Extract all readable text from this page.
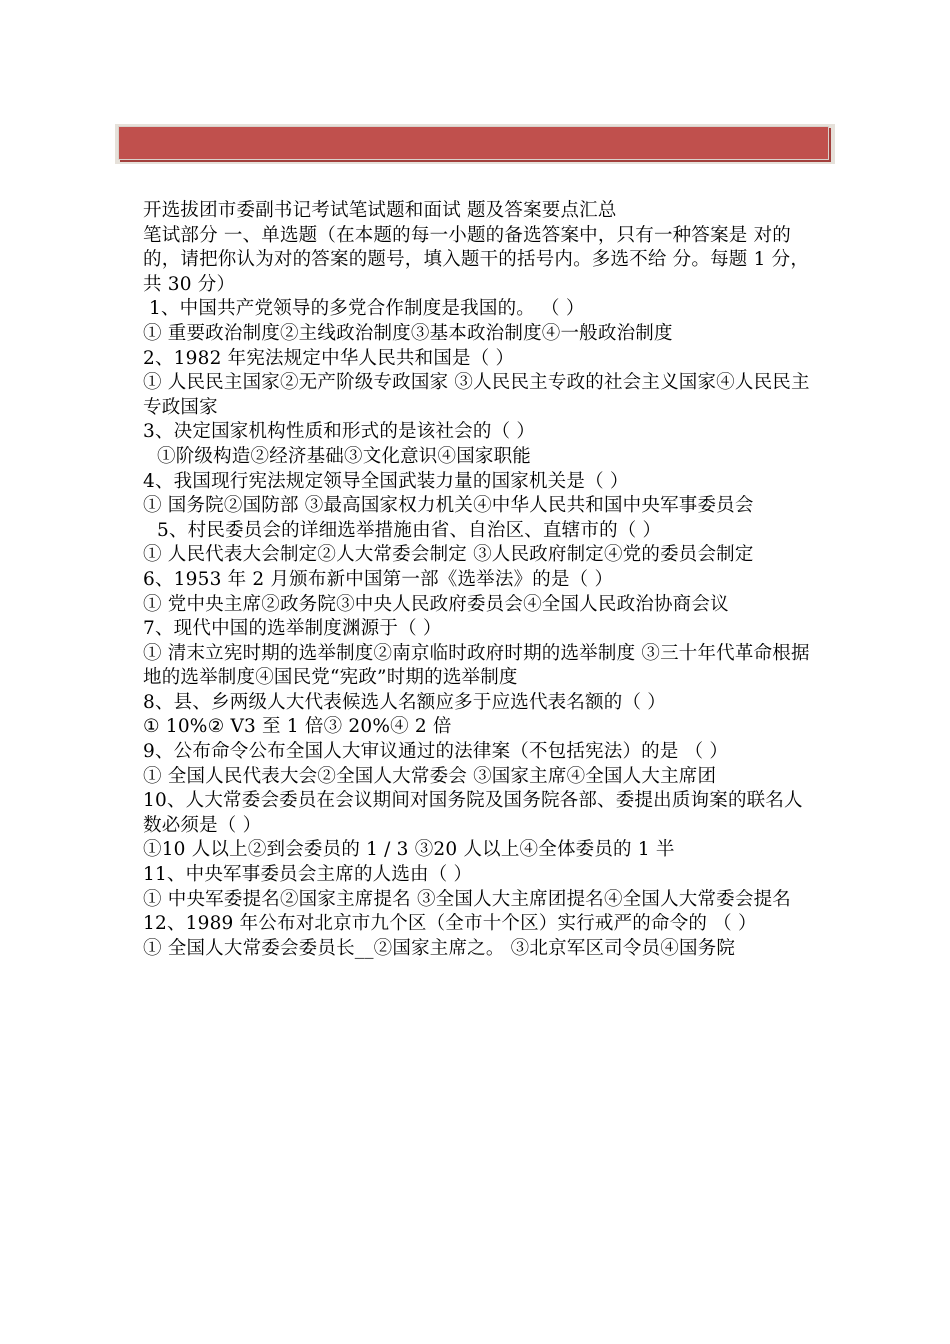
开选拔团市委副书记考试笔试题和面试 题及答案要点汇总

笔试部分 一、单选题（在本题的每一小题的备选答案中，只有一种答案是 对的的，请把你认为对的答案的题号，填入题干的括号内。多选不给 分。每题 1 分，共 30 分）

1、中国共产党领导的多党合作制度是我国的。 （ ）

① 重要政治制度②主线政治制度③基本政治制度④一般政治制度

2、1982 年宪法规定中华人民共和国是（ ）

① 人民民主国家②无产阶级专政国家 ③人民民主专政的社会主义国家④人民民主专政国家

3、决定国家机构性质和形式的是该社会的（ ）

①阶级构造②经济基础③文化意识④国家职能

4、我国现行宪法规定领导全国武装力量的国家机关是（ ）

① 国务院②国防部 ③最高国家权力机关④中华人民共和国中央军事委员会

5、村民委员会的详细选举措施由省、自治区、直辖市的（ ）

① 人民代表大会制定②人大常委会制定 ③人民政府制定④党的委员会制定

6、1953 年 2 月颁布新中国第一部《选举法》的是（ ）

① 党中央主席②政务院③中央人民政府委员会④全国人民政治协商会议

7、现代中国的选举制度渊源于（ ）

① 清末立宪时期的选举制度②南京临时政府时期的选举制度 ③三十年代革命根据地的选举制度④国民党“宪政”时期的选举制度

8、县、乡两级人大代表候选人名额应多于应选代表名额的（ ）

① 10%② V3 至 1 倍③ 20%④ 2 倍

9、公布命令公布全国人大审议通过的法律案（不包括宪法）的是 （ ）

① 全国人民代表大会②全国人大常委会 ③国家主席④全国人大主席团

10、人大常委会委员在会议期间对国务院及国务院各部、委提出质询案的联名人数必须是（ ）

①10 人以上②到会委员的 1 / 3 ③20 人以上④全体委员的 1 半

11、中央军事委员会主席的人选由（ ）

① 中央军委提名②国家主席提名 ③全国人大主席团提名④全国人大常委会提名

12、1989 年公布对北京市九个区（全市十个区）实行戒严的命令的 （ ）

① 全国人大常委会委员长__②国家主席之。 ③北京军区司令员④国务院
